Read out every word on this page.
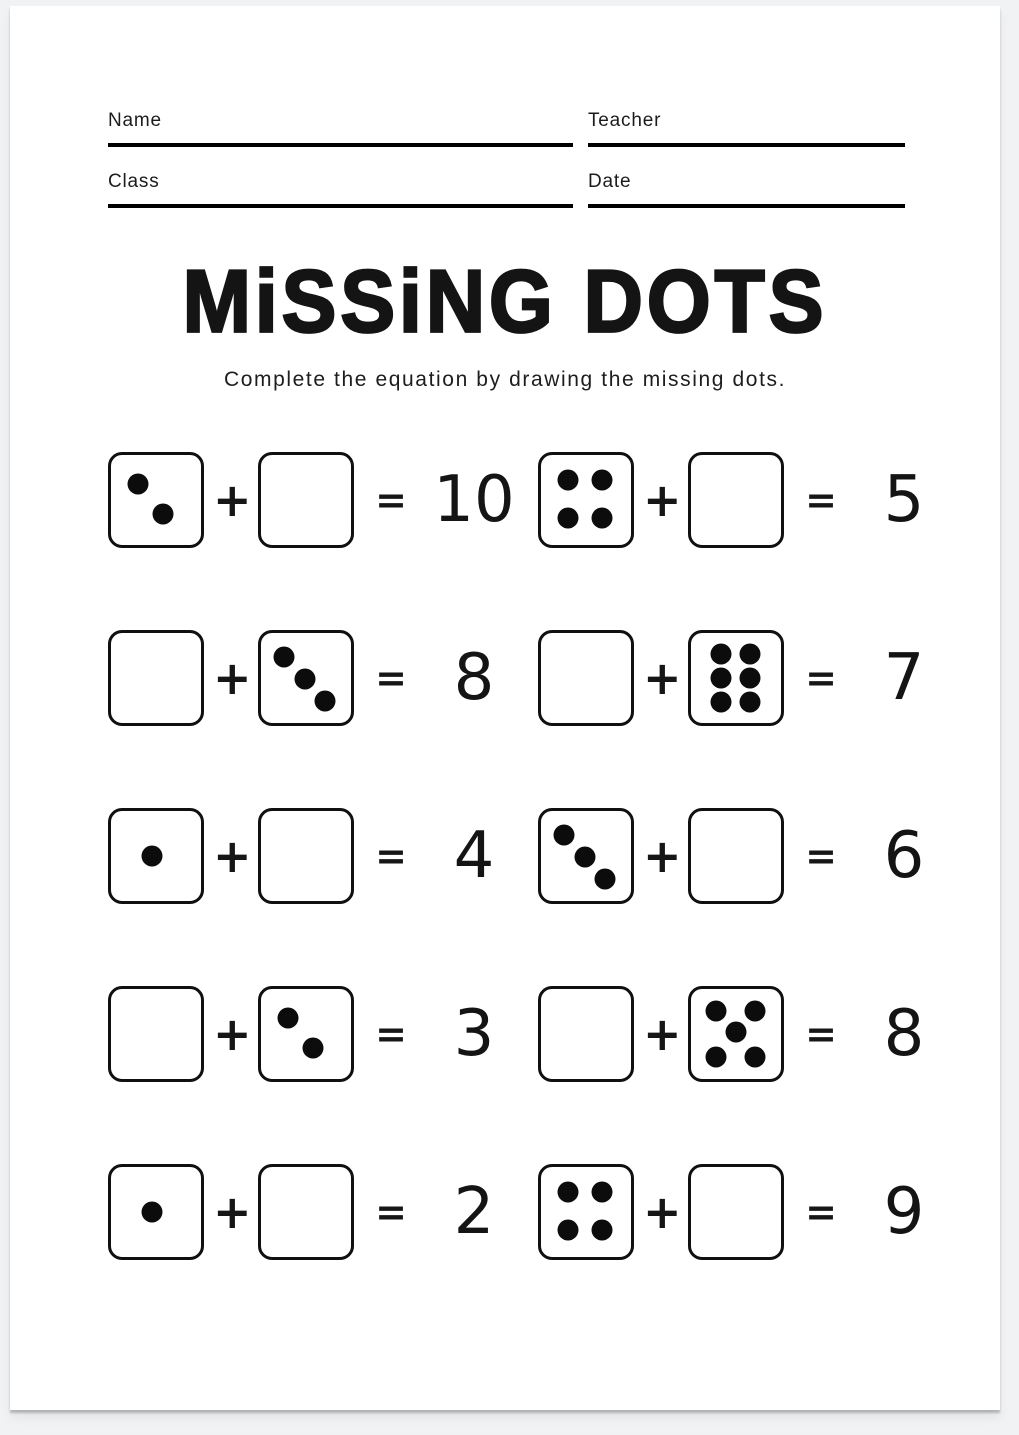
Name	Teacher
Class	Date
MiSSiNG DOTS

Complete the equation by drawing the missing dots.

+	= 10	+	= 5
+	= 8	+	= 7
+	= 4	+	= 6
+	= 3	+	= 8
+	= 2	+	= 9
